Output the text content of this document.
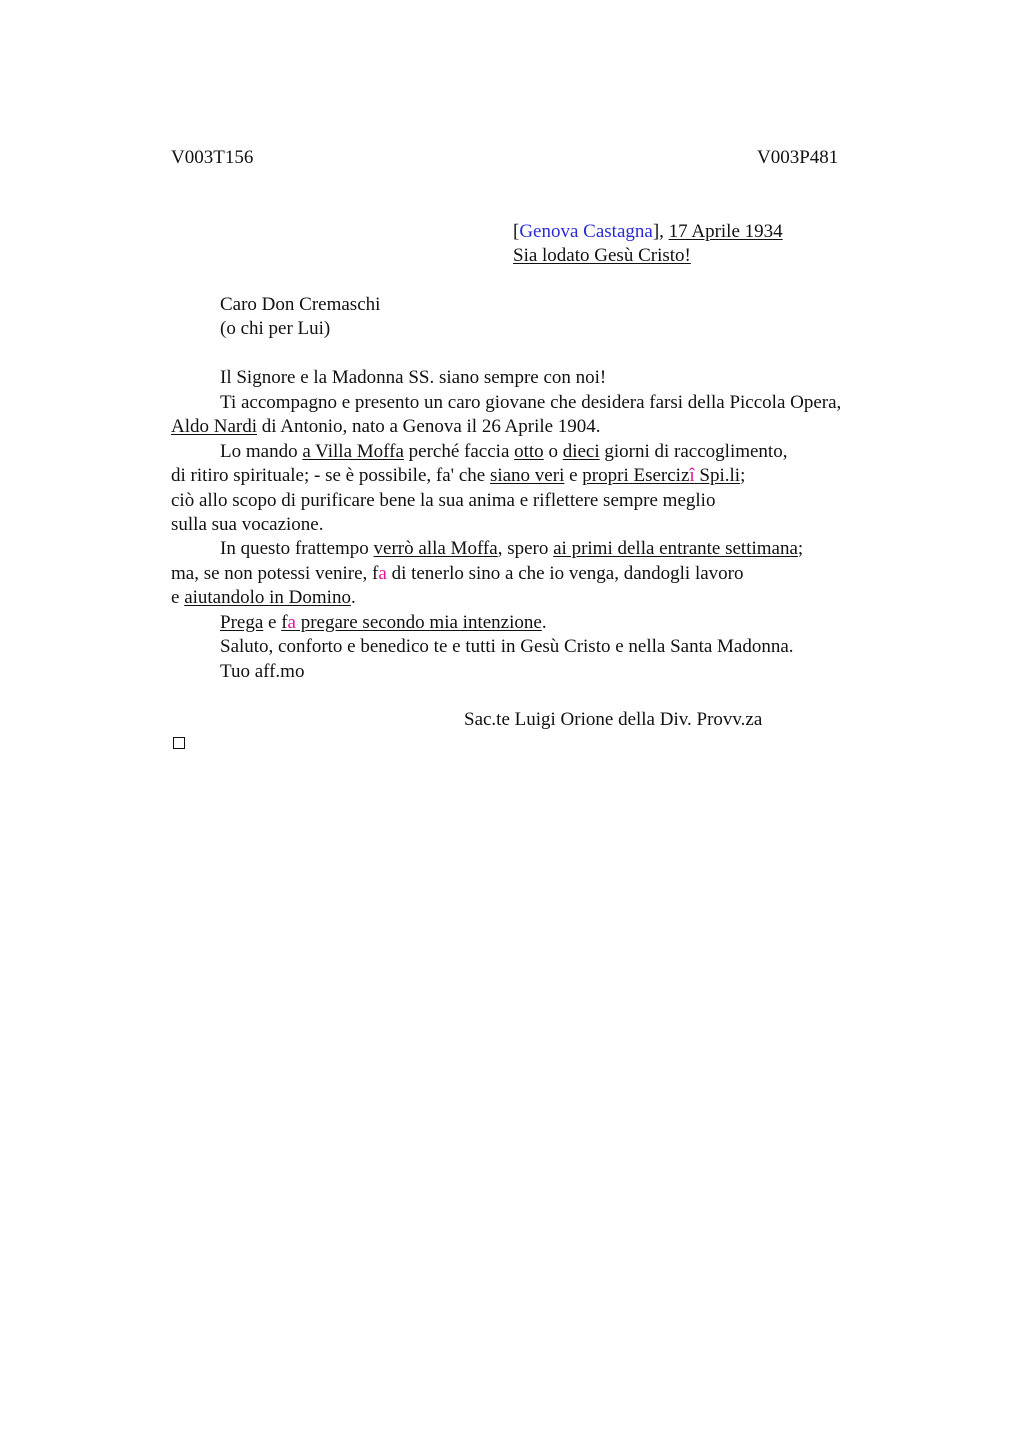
V003T156	V003P481
[Genova Castagna], 17 Aprile 1934
Sia lodato Gesù Cristo!
Caro Don Cremaschi
(o chi per Lui)
Il Signore e la Madonna SS. siano sempre con noi!
Ti accompagno e presento un caro giovane che desidera farsi della Piccola Opera,
Aldo Nardi di Antonio, nato a Genova il 26 Aprile 1904.
Lo mando a Villa Moffa perché faccia otto o dieci giorni di raccoglimento,
di ritiro spirituale; - se è possibile, fa' che siano veri e propri Esercizî Spi.li;
ciò allo scopo di purificare bene la sua anima e riflettere sempre meglio
sulla sua vocazione.
In questo frattempo verrò alla Moffa, spero ai primi della entrante settimana;
ma, se non potessi venire, fa di tenerlo sino a che io venga, dandogli lavoro
e aiutandolo in Domino.
Prega e fa pregare secondo mia intenzione.
Saluto, conforto e benedico te e tutti in Gesù Cristo e nella Santa Madonna.
Tuo aff.mo
Sac.te Luigi Orione della Div. Provv.za
